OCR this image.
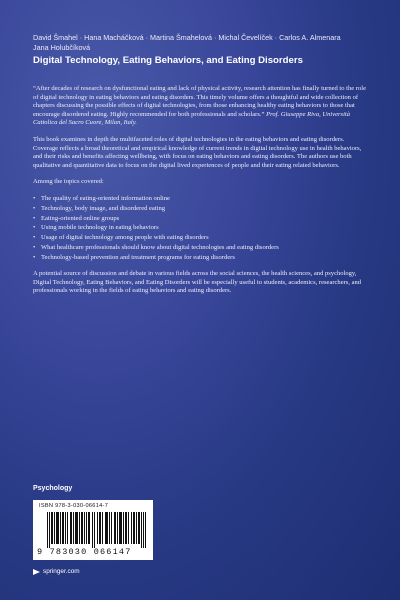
David Šmahel · Hana Macháčková · Martina Šmahelová · Michal Čevelíček · Carlos A. Almenara
Jana Holubčíková
Digital Technology, Eating Behaviors, and Eating Disorders

“After decades of research on dysfunctional eating and lack of physical activity, research attention has finally turned to the role of digital technology in eating behaviors and eating disorders. This timely volume offers a thoughtful and wide collection of chapters discussing the possible effects of digital technologies, from those enhancing healthy eating behaviors to those that encourage disordered eating. Highly recommended for both professionals and scholars.” Prof. Giuseppe Riva, Università Cattolica del Sacro Cuore, Milan, Italy.

This book examines in depth the multifaceted roles of digital technologies in the eating behaviors and eating disorders. Coverage reflects a broad theoretical and empirical knowledge of current trends in digital technology use in health behaviors, and their risks and benefits affecting wellbeing, with focus on eating behaviors and eating disorders. The authors use both qualitative and quantitative data to focus on the digital lived experiences of people and their eating related behaviors.

Among the topics covered:

• The quality of eating-oriented information online
• Technology, body image, and disordered eating
• Eating-oriented online groups
• Using mobile technology in eating behaviors
• Usage of digital technology among people with eating disorders
• What healthcare professionals should know about digital technologies and eating disorders
• Technology-based prevention and treatment programs for eating disorders

A potential source of discussion and debate in various fields across the social sciences, the health sciences, and psychology, Digital Technology, Eating Behaviors, and Eating Disorders will be especially useful to students, academics, researchers, and professionals working in the fields of eating behaviors and eating disorders.

Psychology
ISBN 978-3-030-06614-7
9 783030 066147
springer.com
